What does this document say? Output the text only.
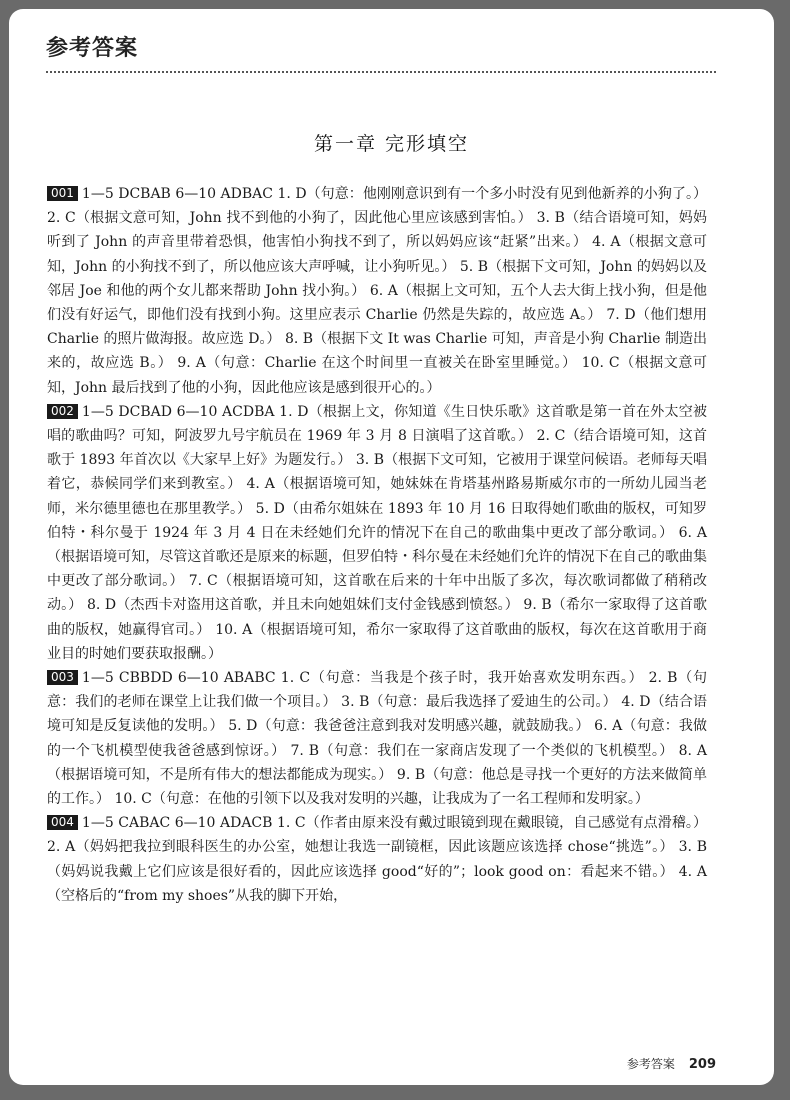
参考答案
第一章 完形填空

001 1—5 DCBAB 6—10 ADBAC 1. D（句意：他刚刚意识到有一个多小时没有见到他新养的小狗了。） 2. C（根据文意可知，John 找不到他的小狗了，因此他心里应该感到害怕。） 3. B（结合语境可知，妈妈听到了 John 的声音里带着恐惧，他害怕小狗找不到了，所以妈妈应该“赶紧”出来。） 4. A（根据文意可知，John 的小狗找不到了，所以他应该大声呼喊，让小狗听见。） 5. B（根据下文可知，John 的妈妈以及邻居 Joe 和他的两个女儿都来帮助 John 找小狗。） 6. A（根据上文可知，五个人去大街上找小狗，但是他们没有好运气，即他们没有找到小狗。这里应表示 Charlie 仍然是失踪的，故应选 A。） 7. D（他们想用 Charlie 的照片做海报。故应选 D。） 8. B（根据下文 It was Charlie 可知，声音是小狗 Charlie 制造出来的，故应选 B。） 9. A（句意：Charlie 在这个时间里一直被关在卧室里睡觉。） 10. C（根据文意可知，John 最后找到了他的小狗，因此他应该是感到很开心的。）

002 1—5 DCBAD 6—10 ACDBA 1. D（根据上文，你知道《生日快乐歌》这首歌是第一首在外太空被唱的歌曲吗？可知，阿波罗九号宇航员在 1969 年 3 月 8 日演唱了这首歌。） 2. C（结合语境可知，这首歌于 1893 年首次以《大家早上好》为题发行。） 3. B（根据下文可知，它被用于课堂问候语。老师每天唱着它，恭候同学们来到教室。） 4. A（根据语境可知，她妹妹在肯塔基州路易斯威尔市的一所幼儿园当老师，米尔德里德也在那里教学。） 5. D（由希尔姐妹在 1893 年 10 月 16 日取得她们歌曲的版权，可知罗伯特・科尔曼于 1924 年 3 月 4 日在未经她们允许的情况下在自己的歌曲集中更改了部分歌词。） 6. A（根据语境可知，尽管这首歌还是原来的标题，但罗伯特・科尔曼在未经她们允许的情况下在自己的歌曲集中更改了部分歌词。） 7. C（根据语境可知，这首歌在后来的十年中出版了多次，每次歌词都做了稍稍改动。） 8. D（杰西卡对盗用这首歌，并且未向她姐妹们支付金钱感到愤怒。） 9. B（希尔一家取得了这首歌曲的版权，她赢得官司。） 10. A（根据语境可知，希尔一家取得了这首歌曲的版权，每次在这首歌用于商业目的时她们要获取报酬。）

003 1—5 CBBDD 6—10 ABABC 1. C（句意：当我是个孩子时，我开始喜欢发明东西。） 2. B（句意：我们的老师在课堂上让我们做一个项目。） 3. B（句意：最后我选择了爱迪生的公司。） 4. D（结合语境可知是反复读他的发明。） 5. D（句意：我爸爸注意到我对发明感兴趣，就鼓励我。） 6. A（句意：我做的一个飞机模型使我爸爸感到惊讶。） 7. B（句意：我们在一家商店发现了一个类似的飞机模型。） 8. A（根据语境可知，不是所有伟大的想法都能成为现实。） 9. B（句意：他总是寻找一个更好的方法来做简单的工作。） 10. C（句意：在他的引领下以及我对发明的兴趣，让我成为了一名工程师和发明家。）

004 1—5 CABAC 6—10 ADACB 1. C（作者由原来没有戴过眼镜到现在戴眼镜，自己感觉有点滑稽。） 2. A（妈妈把我拉到眼科医生的办公室，她想让我选一副镜框，因此该题应该选择 chose“挑选”。） 3. B（妈妈说我戴上它们应该是很好看的，因此应该选择 good“好的”；look good on：看起来不错。） 4. A（空格后的“from my shoes”从我的脚下开始，

参考答案 209
